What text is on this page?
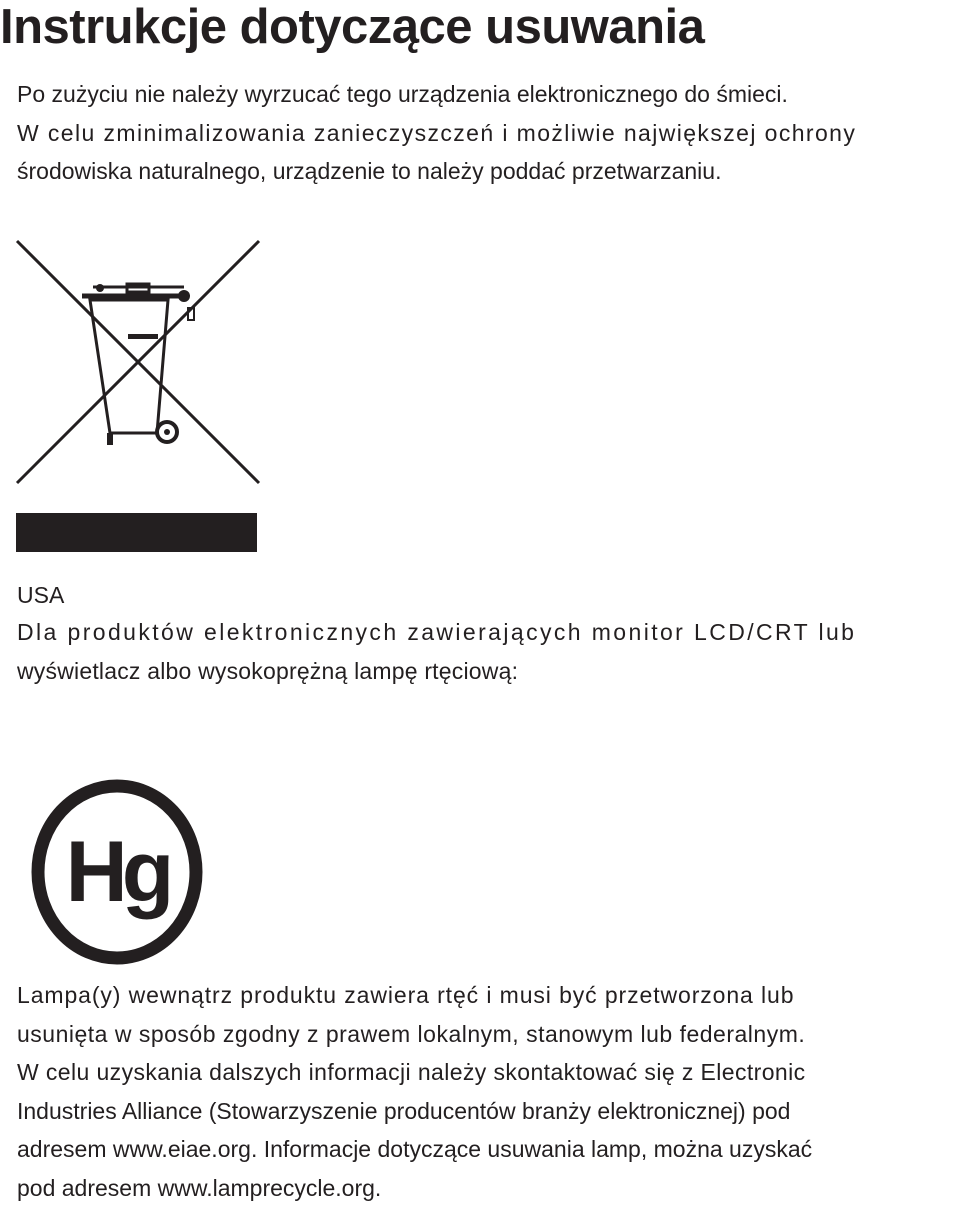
Instrukcje dotyczące usuwania
Po zużyciu nie należy wyrzucać tego urządzenia elektronicznego do śmieci.
W celu zminimalizowania zanieczyszczeń i możliwie największej ochrony
środowiska naturalnego, urządzenie to należy poddać przetwarzaniu.
USA
Dla produktów elektronicznych zawierających monitor LCD/CRT lub
wyświetlacz albo wysokoprężną lampę rtęciową:
Hg
Lampa(y) wewnątrz produktu zawiera rtęć i musi być przetworzona lub
usunięta w sposób zgodny z prawem lokalnym, stanowym lub federalnym.
W celu uzyskania dalszych informacji należy skontaktować się z Electronic
Industries Alliance (Stowarzyszenie producentów branży elektronicznej) pod
adresem www.eiae.org. Informacje dotyczące usuwania lamp, można uzyskać
pod adresem www.lamprecycle.org.
